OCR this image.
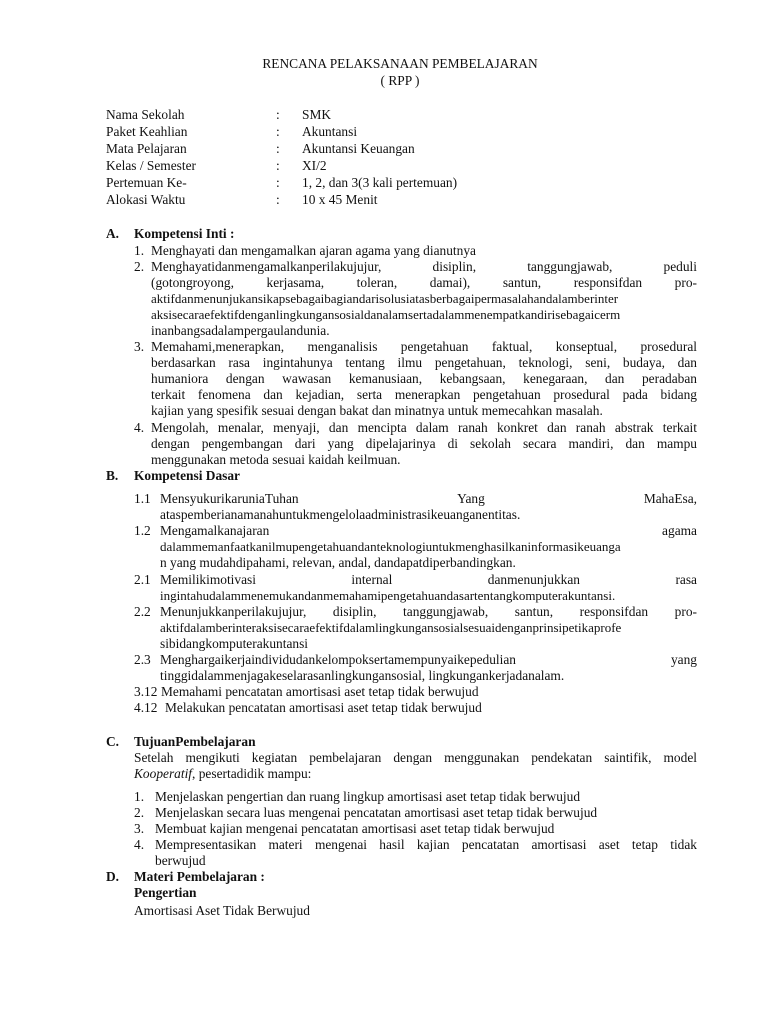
RENCANA PELAKSANAAN PEMBELAJARAN
( RPP )
Nama Sekolah	: SMK
Paket Keahlian	: Akuntansi
Mata Pelajaran	: Akuntansi Keuangan
Kelas / Semester	: XI/2
Pertemuan Ke-	: 1, 2, dan 3(3 kali pertemuan)
Alokasi Waktu	: 10 x 45 Menit
A. Kompetensi Inti :
1. Menghayati dan mengamalkan ajaran agama yang dianutnya
2. Menghayatidanmengamalkanperilakujujur, disiplin, tanggungjawab, peduli
(gotongroyong, kerjasama, toleran, damai), santun, responsifdan pro-
aktifdanmenunjukansikapsebagaibagiandarisolusiatasberbagaipermasalahandalamberinter
aksisecaraefektifdenganlingkungansosialdanalamsertadalammenempatkandirisebagaicerm
inanbangsadalampergaulandunia.
3. Memahami,menerapkan, menganalisis pengetahuan faktual, konseptual, prosedural
berdasarkan rasa ingintahunya tentang ilmu pengetahuan, teknologi, seni, budaya, dan
humaniora dengan wawasan kemanusiaan, kebangsaan, kenegaraan, dan peradaban
terkait fenomena dan kejadian, serta menerapkan pengetahuan prosedural pada bidang
kajian yang spesifik sesuai dengan bakat dan minatnya untuk memecahkan masalah.
4. Mengolah, menalar, menyaji, dan mencipta dalam ranah konkret dan ranah abstrak terkait
dengan pengembangan dari yang dipelajarinya di sekolah secara mandiri, dan mampu
menggunakan metoda sesuai kaidah keilmuan.
B. Kompetensi Dasar
1.1 MensyukurikaruniaTuhan Yang MahaEsa,
ataspemberianamanahuntukmengelolaadministrasikeuanganentitas.
1.2 Mengamalkanajaran agama
dalammemanfaatkanilmupengetahuandanteknologiuntukmenghasilkaninformasikeuanga
n yang mudahdipahami, relevan, andal, dandapatdiperbandingkan.
2.1 Memilikimotivasi internal danmenunjukkan rasa
ingintahudalammenemukandanmemahamipengetahuandasartentangkomputerakuntansi.
2.2 Menunjukkanperilakujujur, disiplin, tanggungjawab, santun, responsifdan pro-
aktifdalamberinteraksisecaraefektifdalamlingkungansosialsesuaidenganprinsipetikaprofe
sibidangkomputerakuntansi
2.3 Menghargaikerjaindividudankelompoksertamempunyaikepedulian yang
tinggidalammenjagakeselarasanlingkungansosial, lingkungankerjadanalam.
3.12 Memahami pencatatan amortisasi aset tetap tidak berwujud
4.12 Melakukan pencatatan amortisasi aset tetap tidak berwujud
C. TujuanPembelajaran
Setelah mengikuti kegiatan pembelajaran dengan menggunakan pendekatan saintifik, model
Kooperatif, pesertadidik mampu:
1. Menjelaskan pengertian dan ruang lingkup amortisasi aset tetap tidak berwujud
2. Menjelaskan secara luas mengenai pencatatan amortisasi aset tetap tidak berwujud
3. Membuat kajian mengenai pencatatan amortisasi aset tetap tidak berwujud
4. Mempresentasikan materi mengenai hasil kajian pencatatan amortisasi aset tetap tidak
berwujud
D. Materi Pembelajaran :
Pengertian
Amortisasi Aset Tidak Berwujud
